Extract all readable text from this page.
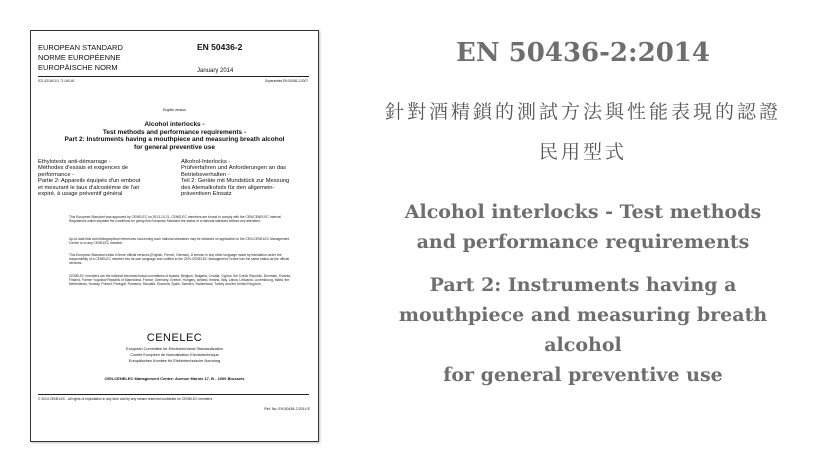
EUROPEAN STANDARD
NORME EUROPÉENNE
EUROPÄISCHE NORM
EN 50436-2
January 2014
ICS 43.040.10; 71.040.40	Supersedes EN 50436-2:2007
English version
Alcohol interlocks -
Test methods and performance requirements -
Part 2: Instruments having a mouthpiece and measuring breath alcohol
for general preventive use
Ethylotests anti-démarrage -
Méthodes d'essais et exigences de
performance -
Partie 2: Appareils équipés d'un embout
et mesurant le taux d'alcoolémie de l'air
expiré, à usage préventif général
Alkohol-Interlocks -
Prüfverfahren und Anforderungen an das
Betriebsverhalten -
Teil 2: Geräte mit Mundstück zur Messung
des Atemalkohols für den allgemein-
präventiven Einsatz
This European Standard was approved by CENELEC on 2013-10-21. CENELEC members are bound to comply with the CEN/CENELEC Internal Regulations which stipulate the conditions for giving this European Standard the status of a national standard without any alteration.
Up-to-date lists and bibliographical references concerning such national standards may be obtained on application to the CEN-CENELEC Management Centre or to any CENELEC member.
This European Standard exists in three official versions (English, French, German). A version in any other language made by translation under the responsibility of a CENELEC member into its own language and notified to the CEN-CENELEC Management Centre has the same status as the official versions.
CENELEC members are the national electrotechnical committees of Austria, Belgium, Bulgaria, Croatia, Cyprus, the Czech Republic, Denmark, Estonia, Finland, Former Yugoslav Republic of Macedonia, France, Germany, Greece, Hungary, Iceland, Ireland, Italy, Latvia, Lithuania, Luxembourg, Malta, the Netherlands, Norway, Poland, Portugal, Romania, Slovakia, Slovenia, Spain, Sweden, Switzerland, Turkey and the United Kingdom.
CENELEC
European Committee for Electrotechnical Standardization
Comité Européen de Normalisation Electrotechnique
Europäisches Komitee für Elektrotechnische Normung
CEN-CENELEC Management Centre: Avenue Marnix 17, B - 1000 Brussels
© 2014 CENELEC - All rights of exploitation in any form and by any means reserved worldwide for CENELEC members.
Ref. No. EN 50436-2:2014 E
EN 50436-2:2014
針對酒精鎖的測試方法與性能表現的認證
民用型式
Alcohol interlocks - Test methods
and performance requirements
Part 2: Instruments having a
mouthpiece and measuring breath
alcohol
for general preventive use
